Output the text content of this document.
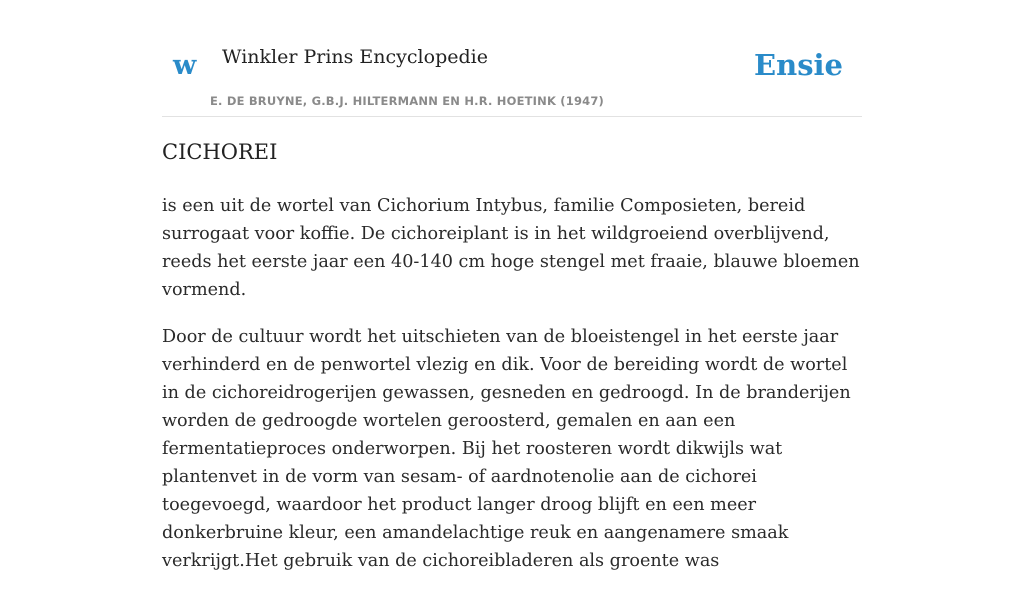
w Winkler Prins Encyclopedie
E. DE BRUYNE, G.B.J. HILTERMANN EN H.R. HOETINK (1947)
Ensie
CICHOREI

is een uit de wortel van Cichorium Intybus, familie Composieten, bereid surrogaat voor koffie. De cichoreiplant is in het wildgroeiend overblijvend, reeds het eerste jaar een 40-140 cm hoge stengel met fraaie, blauwe bloemen vormend.

Door de cultuur wordt het uitschieten van de bloeistengel in het eerste jaar verhinderd en de penwortel vlezig en dik. Voor de bereiding wordt de wortel in de cichoreidrogerijen gewassen, gesneden en gedroogd. In de branderijen worden de gedroogde wortelen geroosterd, gemalen en aan een fermentatieproces onderworpen. Bij het roosteren wordt dikwijls wat plantenvet in de vorm van sesam- of aardnotenolie aan de cichorei toegevoegd, waardoor het product langer droog blijft en een meer donkerbruine kleur, een amandelachtige reuk en aangenamere smaak verkrijgt.Het gebruik van de cichoreibladeren als groente was
